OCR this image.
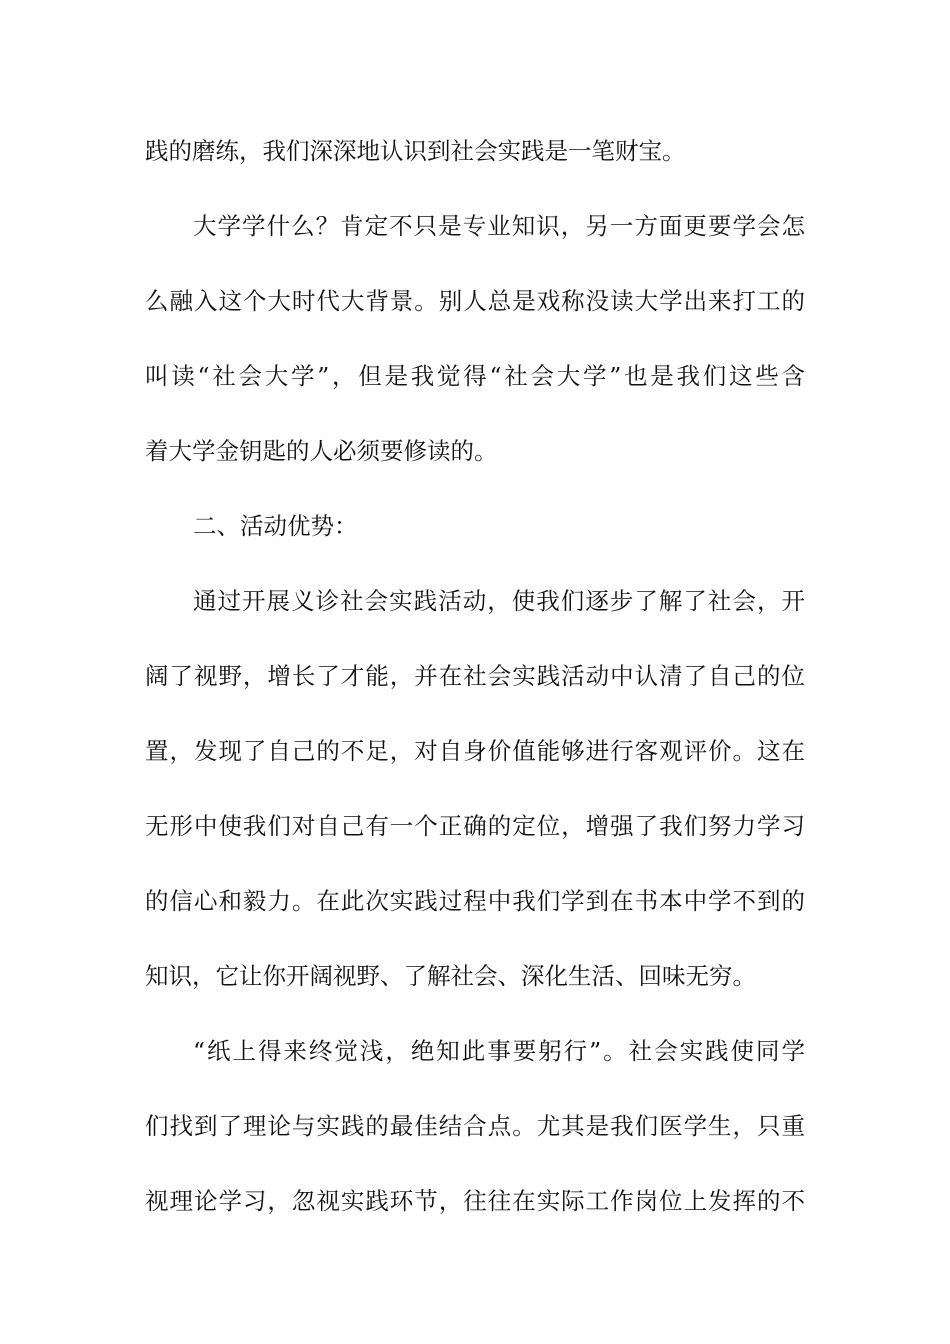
践的磨练，我们深深地认识到社会实践是一笔财宝。
大学学什么？肯定不只是专业知识，另一方面更要学会怎
么融入这个大时代大背景。别人总是戏称没读大学出来打工的
叫读“社会大学”，但是我觉得“社会大学”也是我们这些含
着大学金钥匙的人必须要修读的。
二、活动优势：
通过开展义诊社会实践活动，使我们逐步了解了社会，开
阔了视野，增长了才能，并在社会实践活动中认清了自己的位
置，发现了自己的不足，对自身价值能够进行客观评价。这在
无形中使我们对自己有一个正确的定位，增强了我们努力学习
的信心和毅力。在此次实践过程中我们学到在书本中学不到的
知识，它让你开阔视野、了解社会、深化生活、回味无穷。
“纸上得来终觉浅，绝知此事要躬行”。社会实践使同学
们找到了理论与实践的最佳结合点。尤其是我们医学生，只重
视理论学习，忽视实践环节，往往在实际工作岗位上发挥的不
